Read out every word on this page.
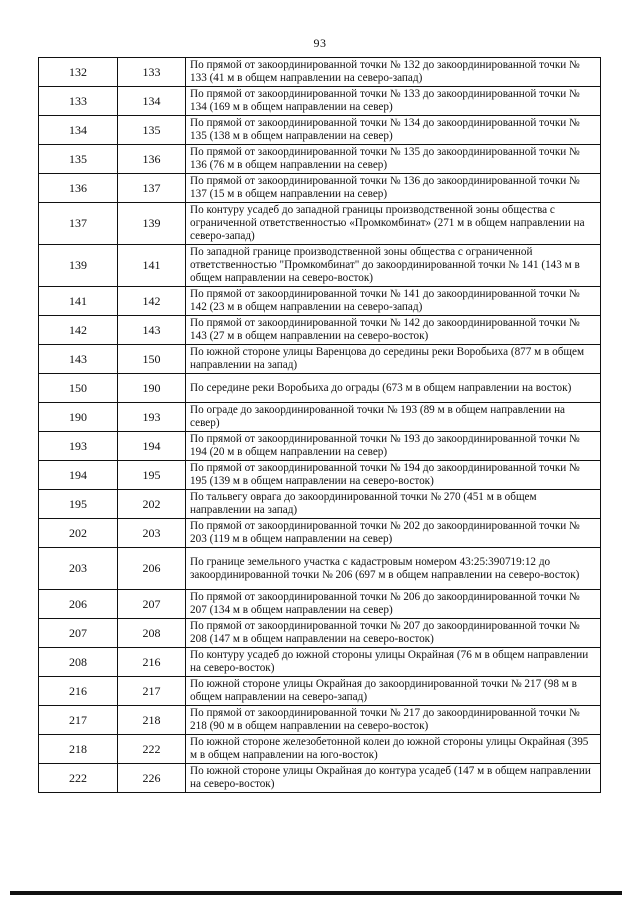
93
132	133	По прямой от закоординированной точки № 132 до закоординированной точки № 133 (41 м в общем направлении на северо-запад)
133	134	По прямой от закоординированной точки № 133 до закоординированной точки № 134 (169 м в общем направлении на север)
134	135	По прямой от закоординированной точки № 134 до закоординированной точки № 135 (138 м в общем направлении на север)
135	136	По прямой от закоординированной точки № 135 до закоординированной точки № 136 (76 м в общем направлении на север)
136	137	По прямой от закоординированной точки № 136 до закоординированной точки № 137 (15 м в общем направлении на север)
137	139	По контуру усадеб до западной границы производственной зоны общества с ограниченной ответственностью «Промкомбинат» (271 м в общем направлении на северо-запад)
139	141	По западной границе производственной зоны общества с ограниченной ответственностью "Промкомбинат" до закоординированной точки № 141 (143 м в общем направлении на северо-восток)
141	142	По прямой от закоординированной точки № 141 до закоординированной точки № 142 (23 м в общем направлении на северо-запад)
142	143	По прямой от закоординированной точки № 142 до закоординированной точки № 143 (27 м в общем направлении на северо-восток)
143	150	По южной стороне улицы Варенцова до середины реки Воробьиха (877 м в общем направлении на запад)
150	190	По середине реки Воробьиха до ограды (673 м в общем направлении на восток)
190	193	По ограде до закоординированной точки № 193 (89 м в общем направлении на север)
193	194	По прямой от закоординированной точки № 193 до закоординированной точки № 194 (20 м в общем направлении на север)
194	195	По прямой от закоординированной точки № 194 до закоординированной точки № 195 (139 м в общем направлении на северо-восток)
195	202	По тальвегу оврага до закоординированной точки № 270 (451 м в общем направлении на запад)
202	203	По прямой от закоординированной точки № 202 до закоординированной точки № 203 (119 м в общем направлении на север)
203	206	По границе земельного участка с кадастровым номером 43:25:390719:12 до закоординированной точки № 206 (697 м в общем направлении на северо-восток)
206	207	По прямой от закоординированной точки № 206 до закоординированной точки № 207 (134 м в общем направлении на север)
207	208	По прямой от закоординированной точки № 207 до закоординированной точки № 208 (147 м в общем направлении на северо-восток)
208	216	По контуру усадеб до южной стороны улицы Окрайная (76 м в общем направлении на северо-восток)
216	217	По южной стороне улицы Окрайная до закоординированной точки № 217 (98 м в общем направлении на северо-запад)
217	218	По прямой от закоординированной точки № 217 до закоординированной точки № 218 (90 м в общем направлении на северо-восток)
218	222	По южной стороне железобетонной колеи до южной стороны улицы Окрайная (395 м в общем направлении на юго-восток)
222	226	По южной стороне улицы Окрайная до контура усадеб (147 м в общем направлении на северо-восток)
